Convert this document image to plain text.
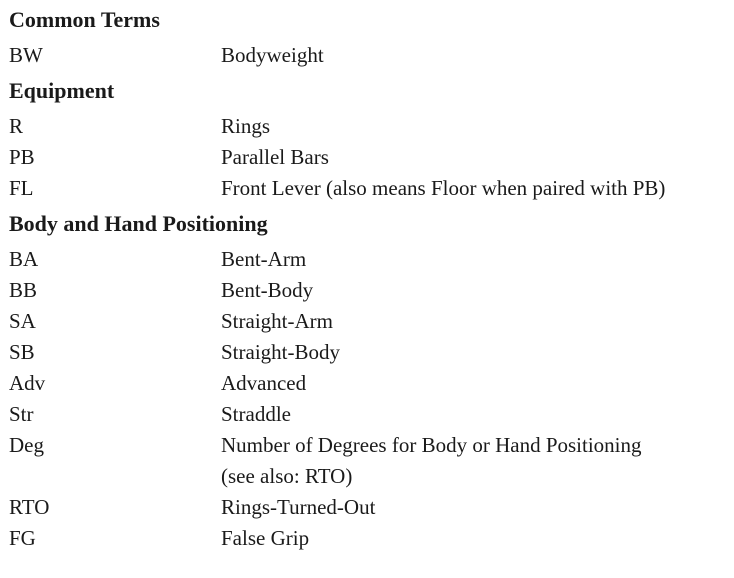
Common Terms
BW	Bodyweight
Equipment
R	Rings
PB	Parallel Bars
FL	Front Lever (also means Floor when paired with PB)
Body and Hand Positioning
BA	Bent-Arm
BB	Bent-Body
SA	Straight-Arm
SB	Straight-Body
Adv	Advanced
Str	Straddle
Deg	Number of Degrees for Body or Hand Positioning
(see also: RTO)
RTO	Rings-Turned-Out
FG	False Grip
